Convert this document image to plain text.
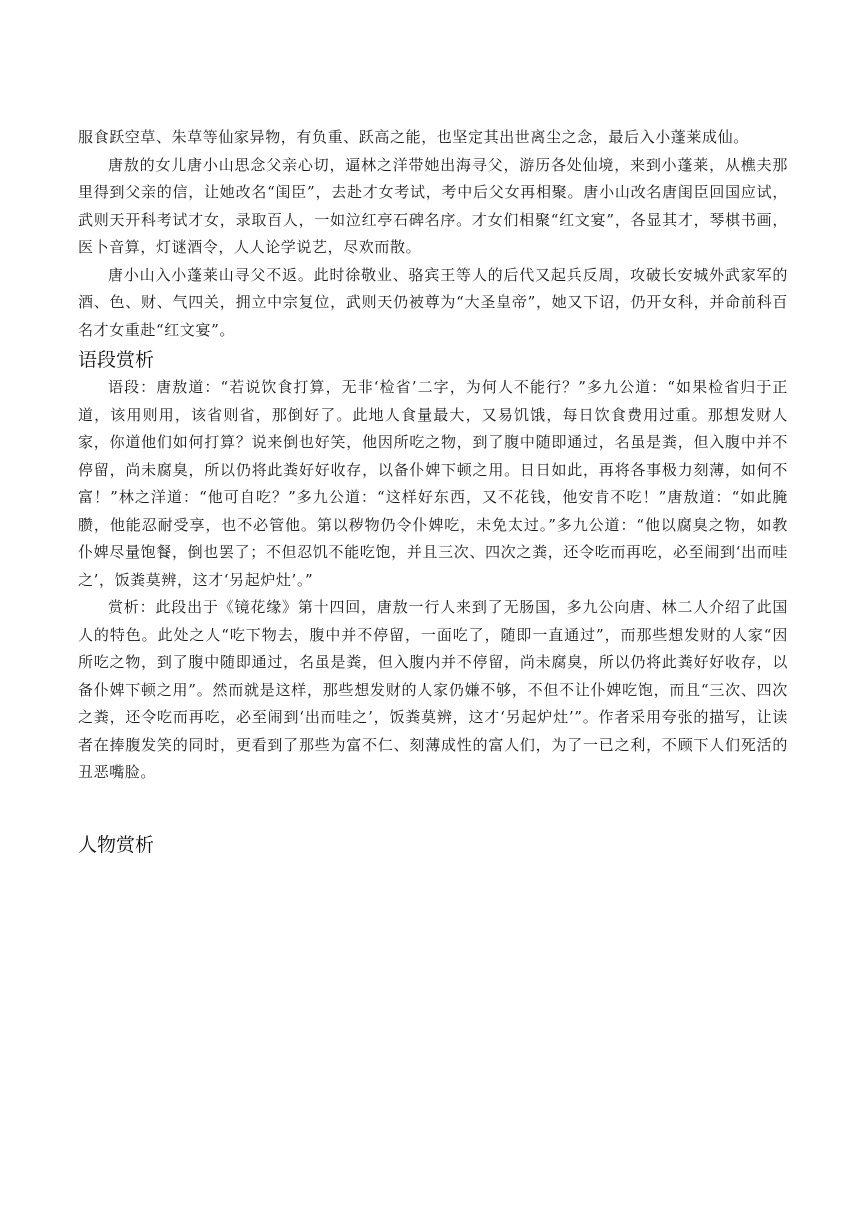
服食跃空草、朱草等仙家异物，有负重、跃高之能，也坚定其出世离尘之念，最后入小蓬莱成仙。

唐敖的女儿唐小山思念父亲心切，逼林之洋带她出海寻父，游历各处仙境，来到小蓬莱，从樵夫那里得到父亲的信，让她改名“闺臣”，去赴才女考试，考中后父女再相聚。唐小山改名唐闺臣回国应试，武则天开科考试才女，录取百人，一如泣红亭石碑名序。才女们相聚“红文宴”，各显其才，琴棋书画，医卜音算，灯谜酒令，人人论学说艺，尽欢而散。

唐小山入小蓬莱山寻父不返。此时徐敬业、骆宾王等人的后代又起兵反周，攻破长安城外武家军的酒、色、财、气四关，拥立中宗复位，武则天仍被尊为“大圣皇帝”，她又下诏，仍开女科，并命前科百名才女重赴“红文宴”。

语段赏析

语段：唐敖道：“若说饮食打算，无非‘检省’二字，为何人不能行？”多九公道：“如果检省归于正道，该用则用，该省则省，那倒好了。此地人食量最大，又易饥饿，每日饮食费用过重。那想发财人家，你道他们如何打算？说来倒也好笑，他因所吃之物，到了腹中随即通过，名虽是粪，但入腹中并不停留，尚未腐臭，所以仍将此粪好好收存，以备仆婢下顿之用。日日如此，再将各事极力刻薄，如何不富！”林之洋道：“他可自吃？”多九公道：“这样好东西，又不花钱，他安肯不吃！”唐敖道：“如此腌臜，他能忍耐受享，也不必管他。第以秽物仍令仆婢吃，未免太过。”多九公道：“他以腐臭之物，如教仆婢尽量饱餐，倒也罢了；不但忍饥不能吃饱，并且三次、四次之粪，还令吃而再吃，必至闹到‘出而哇之’，饭粪莫辨，这才‘另起炉灶’。”

赏析：此段出于《镜花缘》第十四回，唐敖一行人来到了无肠国，多九公向唐、林二人介绍了此国人的特色。此处之人“吃下物去，腹中并不停留，一面吃了，随即一直通过”，而那些想发财的人家“因所吃之物，到了腹中随即通过，名虽是粪，但入腹内并不停留，尚未腐臭，所以仍将此粪好好收存，以备仆婢下顿之用”。然而就是这样，那些想发财的人家仍嫌不够，不但不让仆婢吃饱，而且“三次、四次之粪，还令吃而再吃，必至闹到‘出而哇之’，饭粪莫辨，这才‘另起炉灶’”。作者采用夸张的描写，让读者在捧腹发笑的同时，更看到了那些为富不仁、刻薄成性的富人们，为了一已之利，不顾下人们死活的丑恶嘴脸。

人物赏析
